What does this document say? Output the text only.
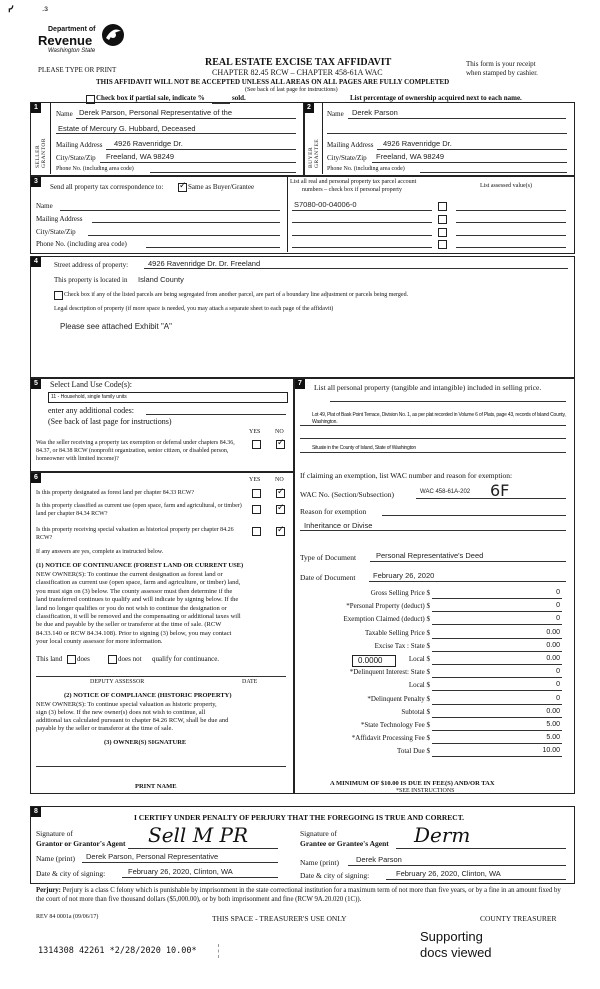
ᓯ	.ɜ
Department of
Revenue
Washington State
PLEASE TYPE OR PRINT
REAL ESTATE EXCISE TAX AFFIDAVIT
CHAPTER 82.45 RCW – CHAPTER 458-61A WAC
This form is your receipt
when stamped by cashier.
THIS AFFIDAVIT WILL NOT BE ACCEPTED UNLESS ALL AREAS ON ALL PAGES ARE FULLY COMPLETED
(See back of last page for instructions)
Check box if partial sale, indicate %	sold.	List percentage of ownership acquired next to each name.
1
SELLER GRANTOR
Name Derek Parson, Personal Representative of the
Estate of Mercury G. Hubbard, Deceased
Mailing Address 4926 Ravenridge Dr.
City/State/Zip Freeland, WA 98249
Phone No. (including area code)
2
BUYER GRANTEE
Name Derek Parson
Mailing Address 4926 Ravenridge Dr.
City/State/Zip Freeland, WA 98249
Phone No. (including area code)
3
Send all property tax correspondence to: ✓	Same as Buyer/Grantee
List all real and personal property tax parcel account
numbers – check box if personal property
List assessed value(s)
Name
Mailing Address
City/State/Zip
Phone No. (including area code)
S7080-00-04006-0
4	Street address of property:	4926 Ravenridge Dr. Dr. Freeland
This property is located in Island County
Check box if any of the listed parcels are being segregated from another parcel, are part of a boundary line adjustment or parcels being merged.
Legal description of property (if more space is needed, you may attach a separate sheet to each page of the affidavit)
Please see attached Exhibit "A"
5	Select Land Use Code(s):
11 - Household, single family units
enter any additional codes:
(See back of last page for instructions)
YES NO
Was the seller receiving a property tax exemption or deferral under chapters 84.36, 84.37, or 84.38 RCW (nonprofit organization, senior citizen, or disabled person, homeowner with limited income)?
✓
6	YES NO
Is this property designated as forest land per chapter 84.33 RCW?
✓
Is this property classified as current use (open space, farm and agricultural, or timber) land per chapter 84.34 RCW?
✓
Is this property receiving special valuation as historical property per chapter 84.26 RCW?
✓
If any answers are yes, complete as instructed below.
(1) NOTICE OF CONTINUANCE (FOREST LAND OR CURRENT USE)
NEW OWNER(S): To continue the current designation as forest land or
classification as current use (open space, farm and agriculture, or timber) land,
you must sign on (3) below. The county assessor must then determine if the
land transferred continues to qualify and will indicate by signing below. If the
land no longer qualifies or you do not wish to continue the designation or
classification, it will be removed and the compensating or additional taxes will
be due and payable by the seller or transferor at the time of sale. (RCW
84.33.140 or RCW 84.34.108). Prior to signing (3) below, you may contact
your local county assessor for more information.
This land does	does not qualify for continuance.
DEPUTY ASSESSOR	DATE
(2) NOTICE OF COMPLIANCE (HISTORIC PROPERTY)
NEW OWNER(S): To continue special valuation as historic property,
sign (3) below. If the new owner(s) does not wish to continue, all
additional tax calculated pursuant to chapter 84.26 RCW, shall be due and
payable by the seller or transferor at the time of sale.
(3) OWNER(S) SIGNATURE
PRINT NAME
7	List all personal property (tangible and intangible) included in selling price.
Lot 49, Plat of Bask Point Terrace, Division No. 1, as per plat recorded in Volume 6 of Plats, page 43, records of Island County, Washington.
Situate in the County of Island, State of Washington
If claiming an exemption, list WAC number and reason for exemption:
WAC No. (Section/Subsection)	WAC 458-61A-202 6F
Reason for exemption
Inheritance or Divise
Type of Document	Personal Representative's Deed
Date of Document February 26, 2020
Gross Selling Price $	0
*Personal Property (deduct) $	0
Exemption Claimed (deduct) $	0
Taxable Selling Price $	0.00
Excise Tax : State $	0.00
Local $	0.00
*Delinquent Interest: State $	0
Local $	0
*Delinquent Penalty $	0
Subtotal $	0.00
*State Technology Fee $	5.00
*Affidavit Processing Fee $	5.00
Total Due $	10.00
0.0000
A MINIMUM OF $10.00 IS DUE IN FEE(S) AND/OR TAX
*SEE INSTRUCTIONS
8
I CERTIFY UNDER PENALTY OF PERJURY THAT THE FOREGOING IS TRUE AND CORRECT.
Signature of
Grantor or Grantor's Agent Sell M PR
Name (print) Derek Parson, Personal Representative
Date & city of signing:	February 26, 2020, Clinton, WA
Signature of
Grantee or Grantee's Agent Derm
Name (print) Derek Parson
Date & city of signing:	February 26, 2020, Clinton, WA
Perjury: Perjury is a class C felony which is punishable by imprisonment in the state correctional institution for a maximum term of not more than five years, or by a fine in an amount fixed by the court of not more than five thousand dollars ($5,000.00), or by both imprisonment and fine (RCW 9A.20.020 (1C)).
REV 84 0001a (09/06/17)	THIS SPACE - TREASURER'S USE ONLY	COUNTY TREASURER
1314308 42261 *2/28/2020 10.00*
Supporting
docs viewed
